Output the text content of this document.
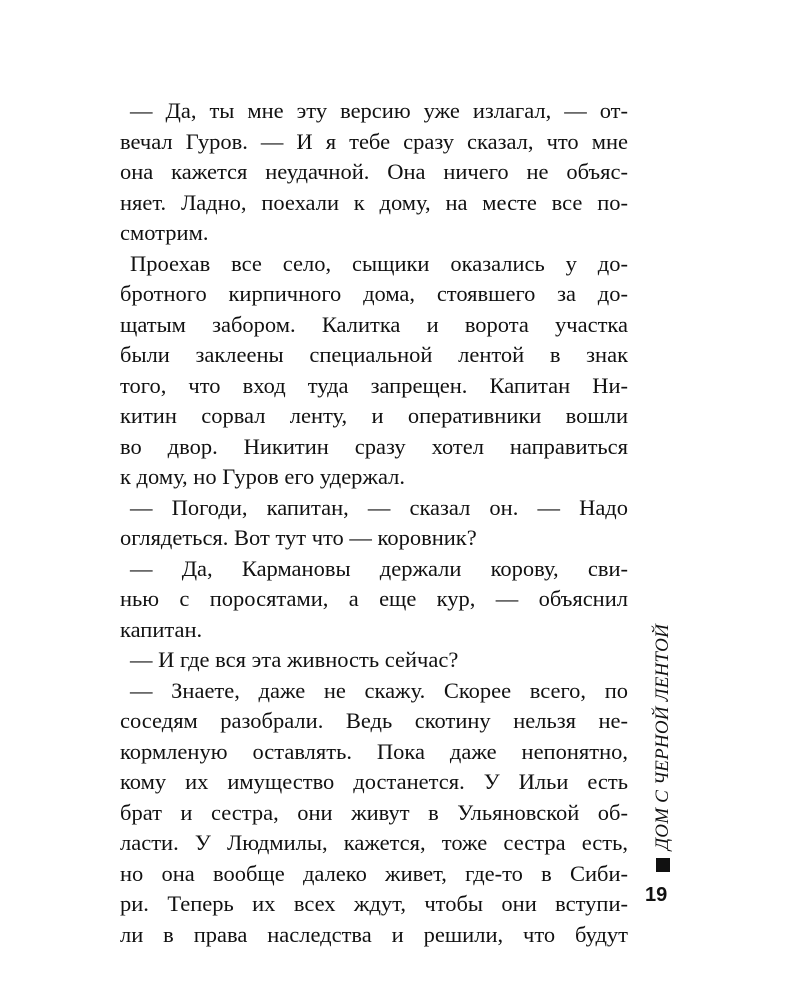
— Да, ты мне эту версию уже излагал, — от-
вечал Гуров. — И я тебе сразу сказал, что мне
она кажется неудачной. Она ничего не объяс-
няет. Ладно, поехали к дому, на месте все по-
смотрим.
Проехав все село, сыщики оказались у до-
бротного кирпичного дома, стоявшего за до-
щатым забором. Калитка и ворота участка
были заклеены специальной лентой в знак
того, что вход туда запрещен. Капитан Ни-
китин сорвал ленту, и оперативники вошли
во двор. Никитин сразу хотел направиться
к дому, но Гуров его удержал.
— Погоди, капитан, — сказал он. — Надо
оглядеться. Вот тут что — коровник?
— Да, Кармановы держали корову, сви-
нью с поросятами, а еще кур, — объяснил
капитан.
— И где вся эта живность сейчас?
— Знаете, даже не скажу. Скорее всего, по
соседям разобрали. Ведь скотину нельзя не-
кормленую оставлять. Пока даже непонятно,
кому их имущество достанется. У Ильи есть
брат и сестра, они живут в Ульяновской об-
ласти. У Людмилы, кажется, тоже сестра есть,
но она вообще далеко живет, где-то в Сиби-
ри. Теперь их всех ждут, чтобы они вступи-
ли в права наследства и решили, что будут
ДОМ С ЧЕРНОЙ ЛЕНТОЙ
19
